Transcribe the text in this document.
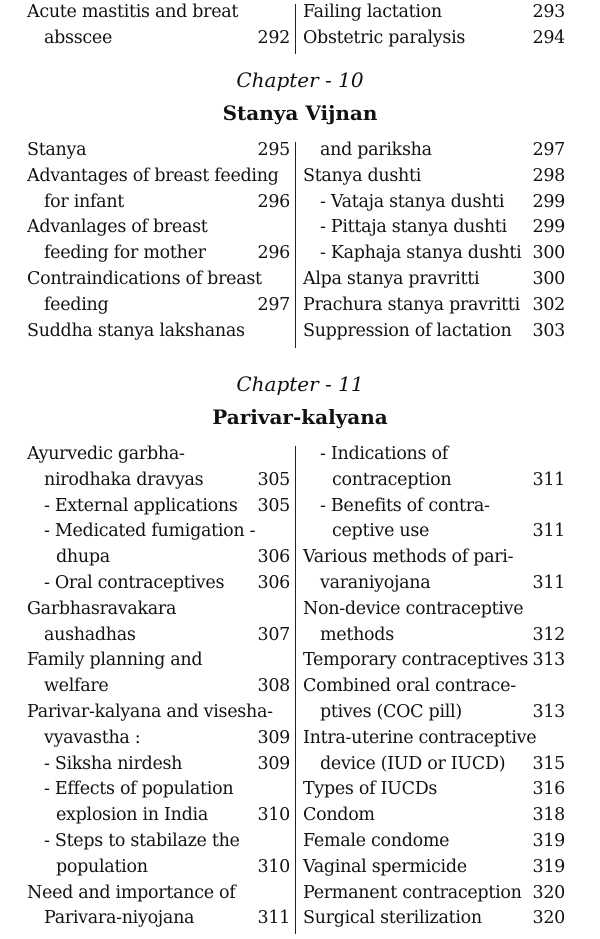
Acute mastitis and breat
absscee	292
Failing lactation	293
Obstetric paralysis	294
Chapter - 10
Stanya Vijnan
Stanya	295
Advantages of breast feeding
for infant	296
Advanlages of breast
feeding for mother	296
Contraindications of breast
feeding	297
Suddha stanya lakshanas
and pariksha	297
Stanya dushti	298
- Vataja stanya dushti 299
- Pittaja stanya dushti 299
- Kaphaja stanya dushti 300
Alpa stanya pravritti	300
Prachura stanya pravritti 302
Suppression of lactation 303
Chapter - 11
Parivar-kalyana
Ayurvedic garbha-
nirodhaka dravyas	305
- External applications 305
- Medicated fumigation -
dhupa	306
- Oral contraceptives 306
Garbhasravakara
aushadhas	307
Family planning and
welfare	308
Parivar-kalyana and visesha-
vyavastha :	309
- Siksha nirdesh	309
- Effects of population
explosion in India	310
- Steps to stabilaze the
population	310
Need and importance of
Parivara-niyojana	311
- Indications of
contraception	311
- Benefits of contra-
ceptive use	311
Various methods of pari-
varaniyojana	311
Non-device contraceptive
methods	312
Temporary contraceptives 313
Combined oral contrace-
ptives (COC pill)	313
Intra-uterine contraceptive
device (IUD or IUCD) 315
Types of IUCDs	316
Condom	318
Female condome	319
Vaginal spermicide	319
Permanent contraception 320
Surgical sterilization	320
